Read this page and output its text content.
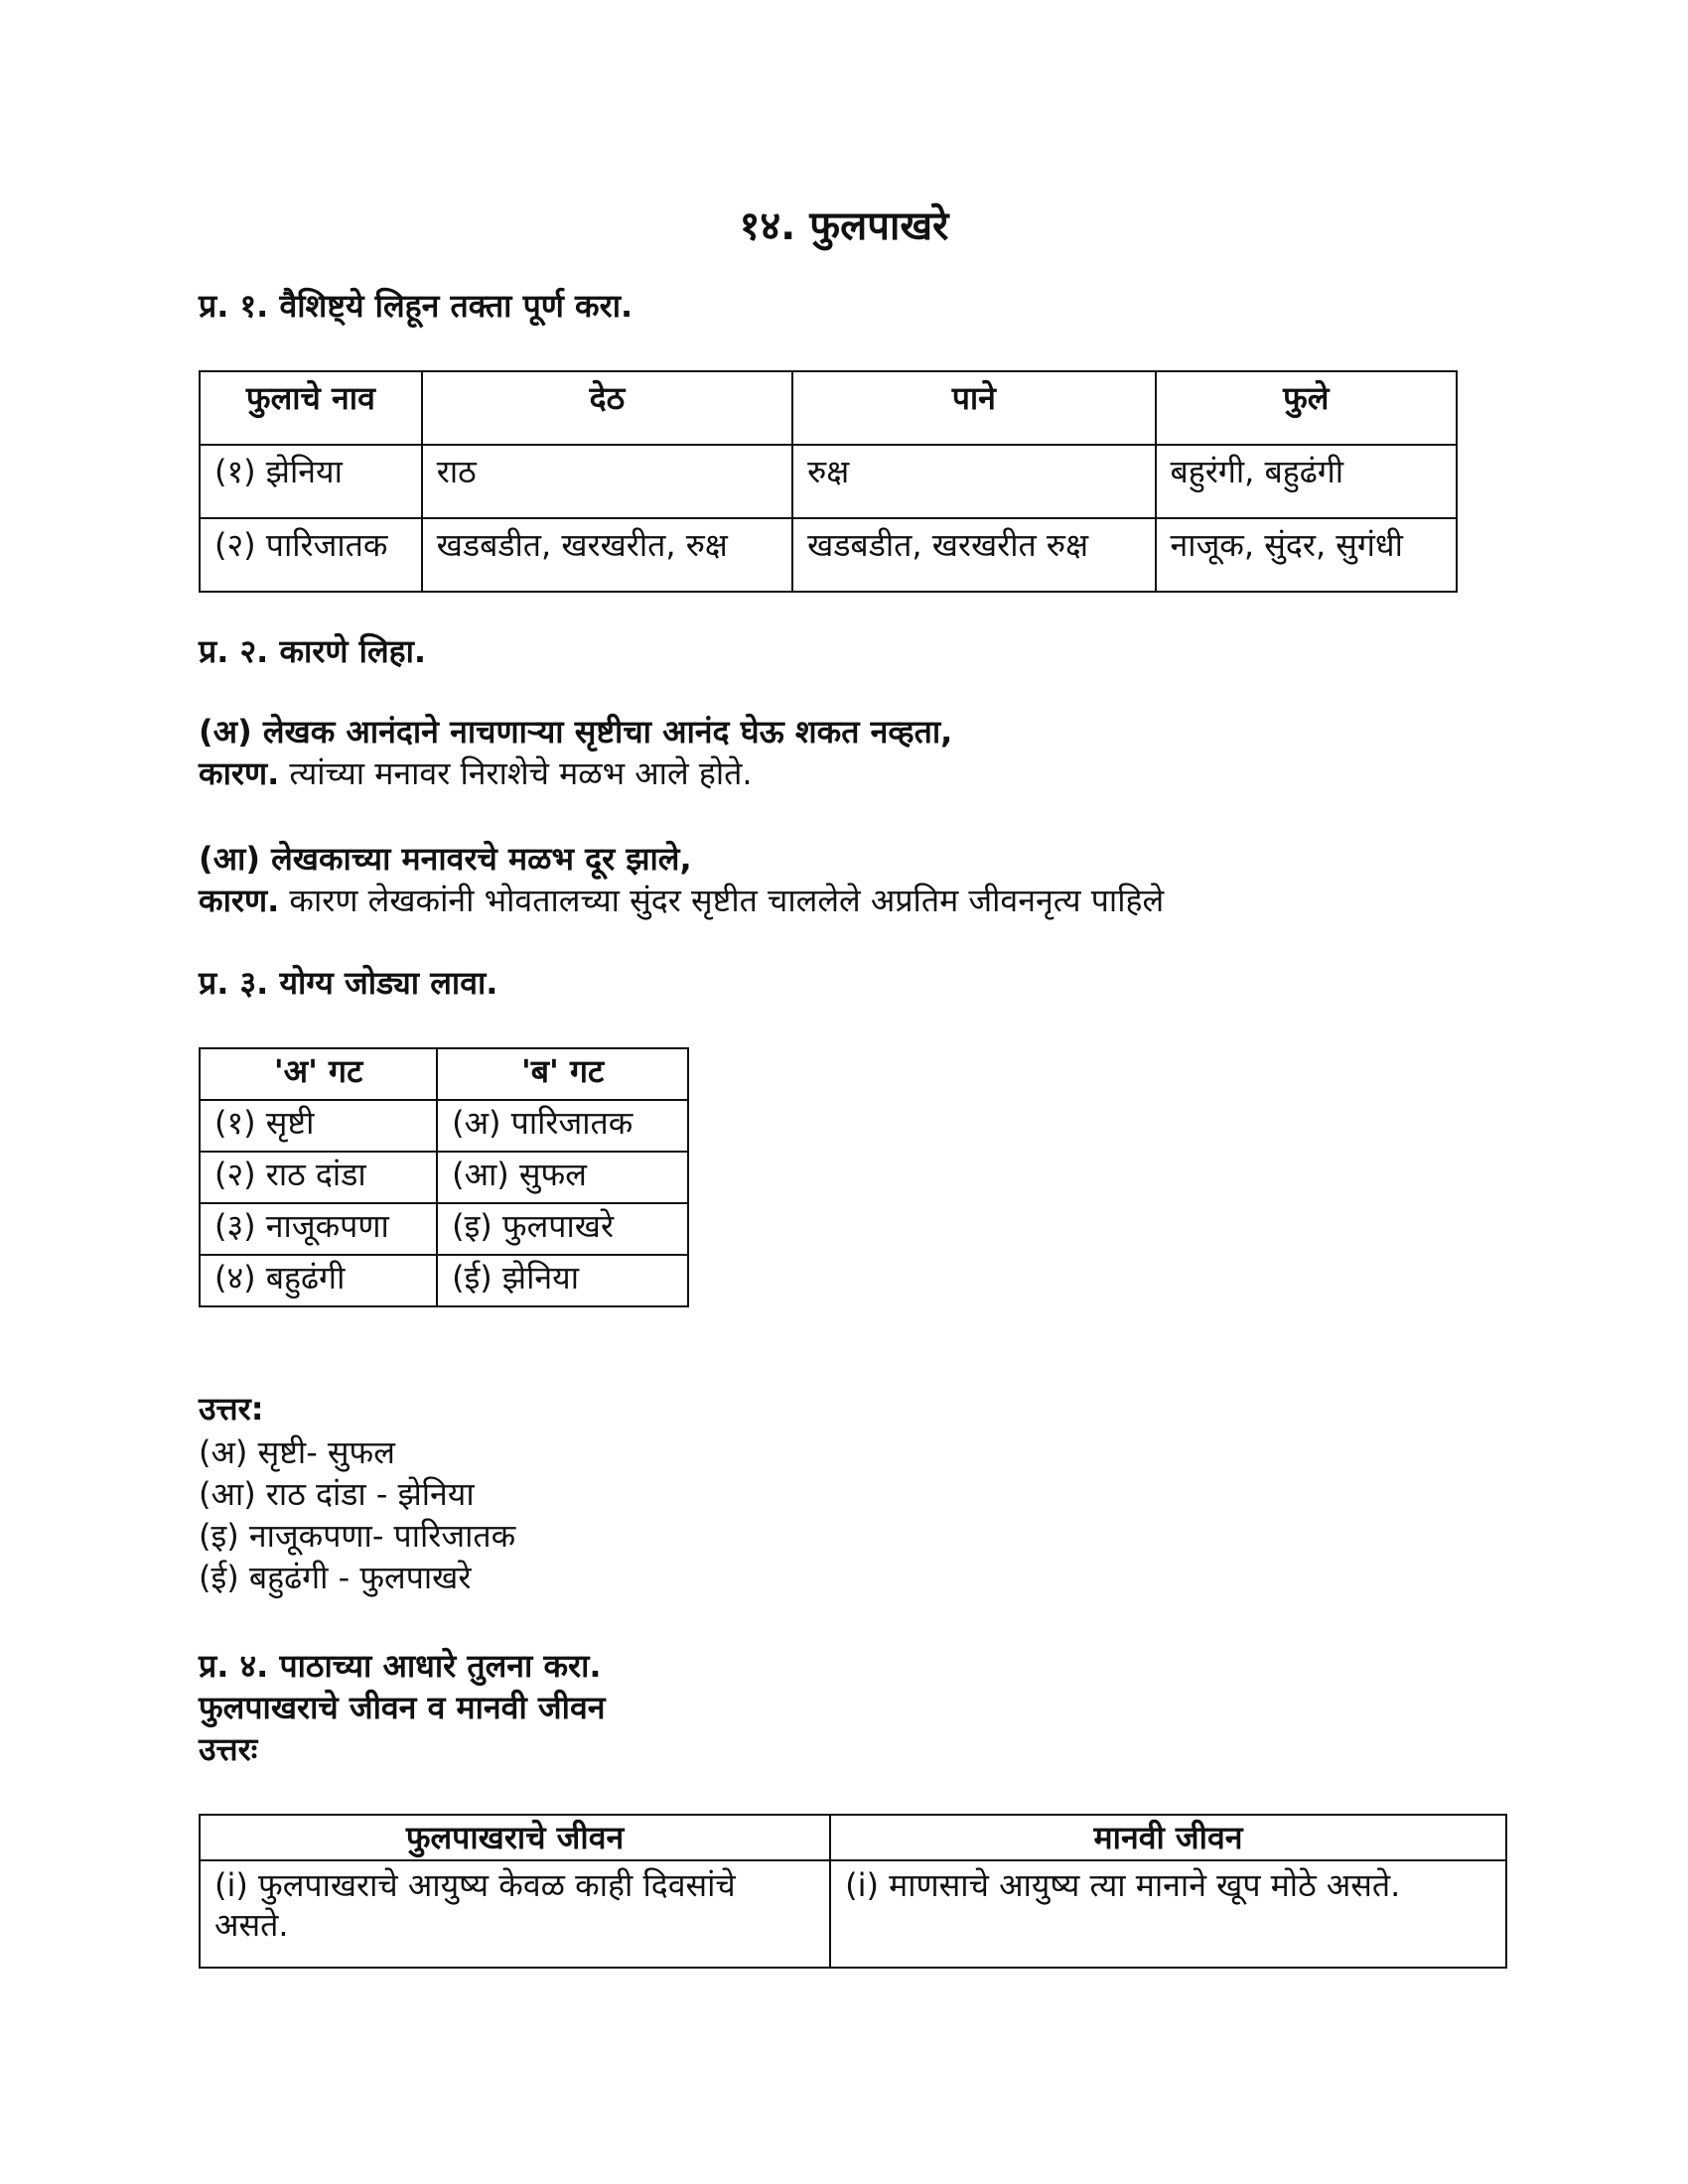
१४. फुलपाखरे
प्र. १. वैशिष्ट्ये लिहून तक्ता पूर्ण करा.
फुलाचे नाव	देठ	पाने	फुले
(१) झेनिया	राठ	रुक्ष	बहुरंगी, बहुढंगी
(२) पारिजातक	खडबडीत, खरखरीत, रुक्ष	खडबडीत, खरखरीत रुक्ष	नाजूक, सुंदर, सुगंधी
प्र. २. कारणे लिहा.
(अ) लेखक आनंदाने नाचणाऱ्या सृष्टीचा आनंद घेऊ शकत नव्हता,
कारण. त्यांच्या मनावर निराशेचे मळभ आले होते.
(आ) लेखकाच्या मनावरचे मळभ दूर झाले,
कारण. कारण लेखकांनी भोवतालच्या सुंदर सृष्टीत चाललेले अप्रतिम जीवननृत्य पाहिले
प्र. ३. योग्य जोड्या लावा.
'अ' गट	'ब' गट
(१) सृष्टी	(अ) पारिजातक
(२) राठ दांडा	(आ) सुफल
(३) नाजूकपणा	(इ) फुलपाखरे
(४) बहुढंगी	(ई) झेनिया
उत्तर:
(अ) सृष्टी- सुफल
(आ) राठ दांडा - झेनिया
(इ) नाजूकपणा- पारिजातक
(ई) बहुढंगी - फुलपाखरे
प्र. ४. पाठाच्या आधारे तुलना करा.
फुलपाखराचे जीवन व मानवी जीवन
उत्तरः
फुलपाखराचे जीवन	मानवी जीवन
(i) फुलपाखराचे आयुष्य केवळ काही दिवसांचे असते.	(i) माणसाचे आयुष्य त्या मानाने खूप मोठे असते.
